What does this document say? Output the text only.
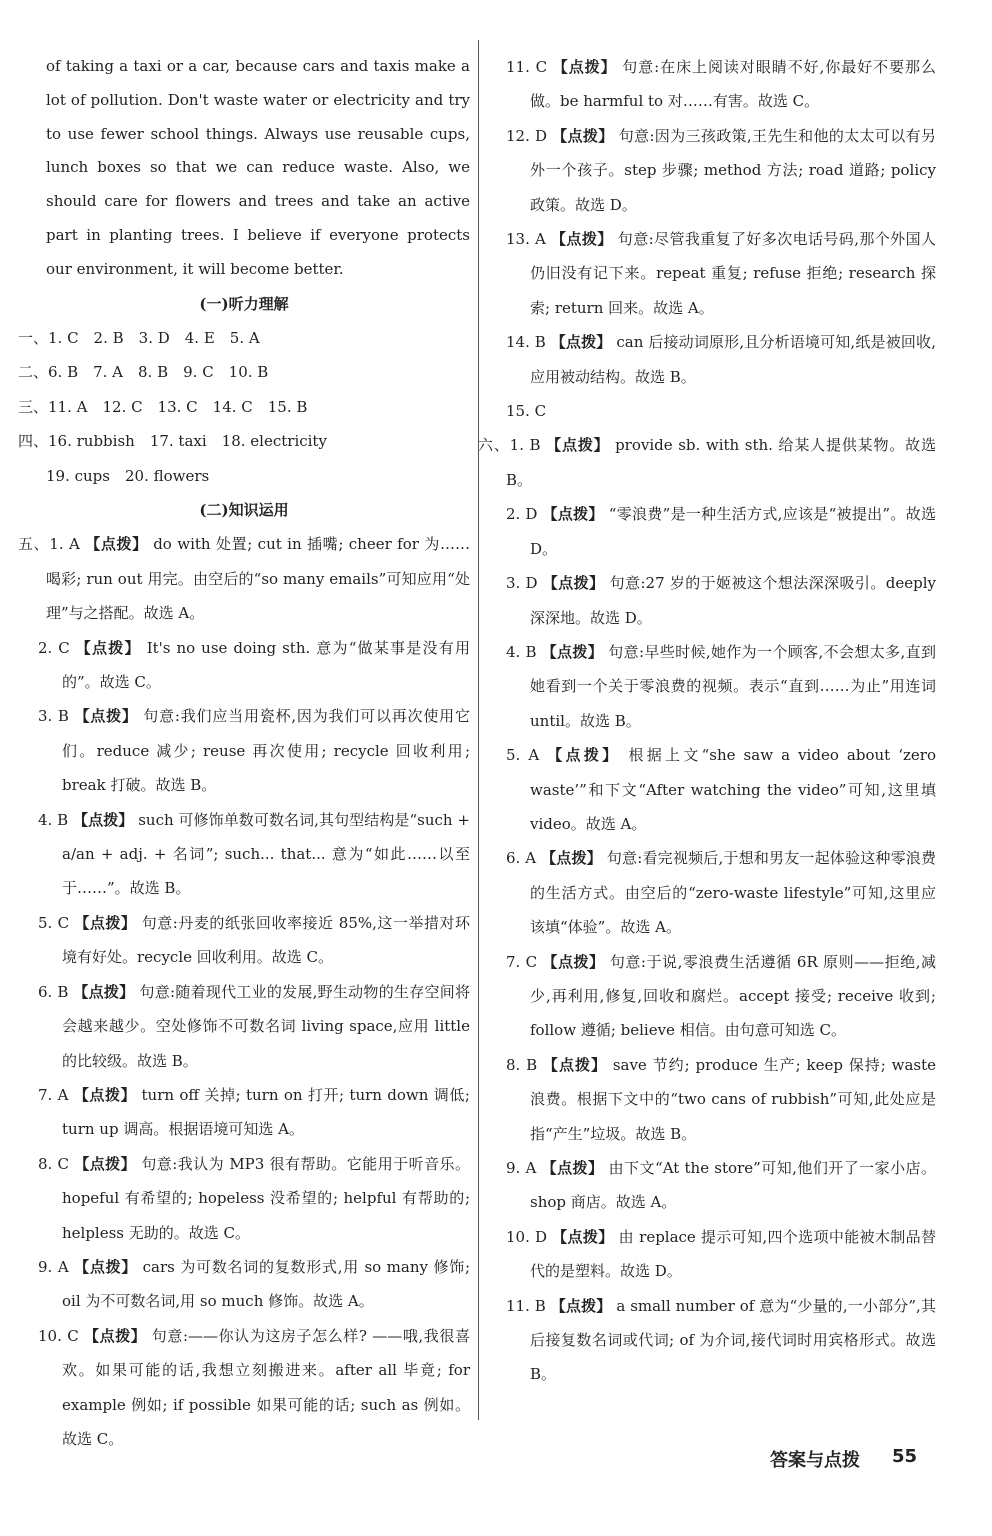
of taking a taxi or a car, because cars and taxis make a lot of pollution. Don't waste water or electricity and try to use fewer school things. Always use reusable cups, lunch boxes so that we can reduce waste. Also, we should care for flowers and trees and take an active part in planting trees. I believe if everyone protects our environment, it will become better.

(一)听力理解

一、1. C　2. B　3. D　4. E　5. A

二、6. B　7. A　8. B　9. C　10. B

三、11. A　12. C　13. C　14. C　15. B

四、16. rubbish　17. taxi　18. electricity

19. cups　20. flowers

(二)知识运用

五、1. A 【点拨】 do with 处置; cut in 插嘴; cheer for 为……喝彩; run out 用完。由空后的“so many emails”可知应用“处理”与之搭配。故选 A。
2. C 【点拨】 It's no use doing sth. 意为“做某事是没有用的”。故选 C。
3. B 【点拨】 句意:我们应当用瓷杯,因为我们可以再次使用它们。reduce 减少; reuse 再次使用; recycle 回收利用; break 打破。故选 B。
4. B 【点拨】 such 可修饰单数可数名词,其句型结构是“such + a/an + adj. + 名词”; such... that... 意为“如此……以至于……”。故选 B。
5. C 【点拨】 句意:丹麦的纸张回收率接近 85%,这一举措对环境有好处。recycle 回收利用。故选 C。
6. B 【点拨】 句意:随着现代工业的发展,野生动物的生存空间将会越来越少。空处修饰不可数名词 living space,应用 little 的比较级。故选 B。
7. A 【点拨】 turn off 关掉; turn on 打开; turn down 调低; turn up 调高。根据语境可知选 A。
8. C 【点拨】 句意:我认为 MP3 很有帮助。它能用于听音乐。hopeful 有希望的; hopeless 没希望的; helpful 有帮助的; helpless 无助的。故选 C。
9. A 【点拨】 cars 为可数名词的复数形式,用 so many 修饰; oil 为不可数名词,用 so much 修饰。故选 A。
10. C 【点拨】 句意:——你认为这房子怎么样? ——哦,我很喜欢。如果可能的话,我想立刻搬进来。after all 毕竟; for example 例如; if possible 如果可能的话; such as 例如。故选 C。
11. C 【点拨】 句意:在床上阅读对眼睛不好,你最好不要那么做。be harmful to 对……有害。故选 C。
12. D 【点拨】 句意:因为三孩政策,王先生和他的太太可以有另外一个孩子。step 步骤; method 方法; road 道路; policy 政策。故选 D。
13. A 【点拨】 句意:尽管我重复了好多次电话号码,那个外国人仍旧没有记下来。repeat 重复; refuse 拒绝; research 探索; return 回来。故选 A。
14. B 【点拨】 can 后接动词原形,且分析语境可知,纸是被回收,应用被动结构。故选 B。
15. C
六、1. B 【点拨】 provide sb. with sth. 给某人提供某物。故选 B。
2. D 【点拨】 “零浪费”是一种生活方式,应该是“被提出”。故选 D。
3. D 【点拨】 句意:27 岁的于姬被这个想法深深吸引。deeply 深深地。故选 D。
4. B 【点拨】 句意:早些时候,她作为一个顾客,不会想太多,直到她看到一个关于零浪费的视频。表示“直到……为止”用连词 until。故选 B。
5. A 【点拨】 根据上文“she saw a video about ‘zero waste’”和下文“After watching the video”可知,这里填 video。故选 A。
6. A 【点拨】 句意:看完视频后,于想和男友一起体验这种零浪费的生活方式。由空后的“zero-waste lifestyle”可知,这里应该填“体验”。故选 A。
7. C 【点拨】 句意:于说,零浪费生活遵循 6R 原则——拒绝,减少,再利用,修复,回收和腐烂。accept 接受; receive 收到; follow 遵循; believe 相信。由句意可知选 C。
8. B 【点拨】 save 节约; produce 生产; keep 保持; waste 浪费。根据下文中的“two cans of rubbish”可知,此处应是指“产生”垃圾。故选 B。
9. A 【点拨】 由下文“At the store”可知,他们开了一家小店。shop 商店。故选 A。
10. D 【点拨】 由 replace 提示可知,四个选项中能被木制品替代的是塑料。故选 D。
11. B 【点拨】 a small number of 意为“少量的,一小部分”,其后接复数名词或代词; of 为介词,接代词时用宾格形式。故选 B。
答案与点拨 55
